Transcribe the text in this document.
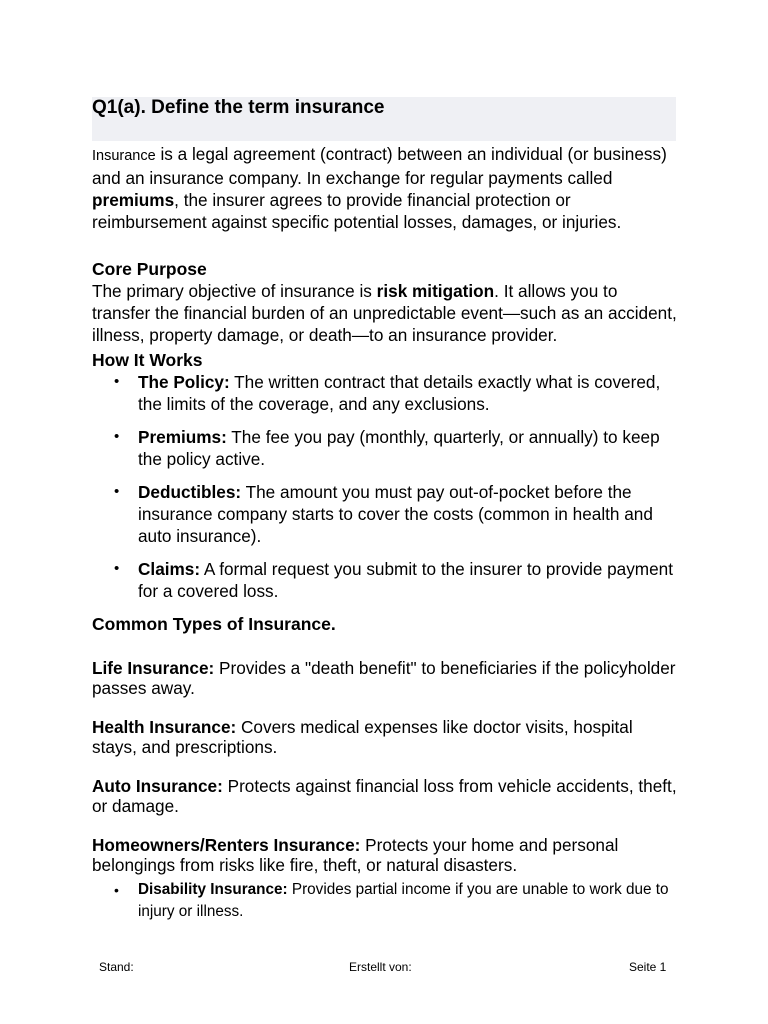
Q1(a). Define the term insurance

Insurance is a legal agreement (contract) between an individual (or business) and an insurance company. In exchange for regular payments called premiums, the insurer agrees to provide financial protection or reimbursement against specific potential losses, damages, or injuries.

Core Purpose

The primary objective of insurance is risk mitigation. It allows you to transfer the financial burden of an unpredictable event—such as an accident, illness, property damage, or death—to an insurance provider.

How It Works
• The Policy: The written contract that details exactly what is covered, the limits of the coverage, and any exclusions.
• Premiums: The fee you pay (monthly, quarterly, or annually) to keep the policy active.
• Deductibles: The amount you must pay out-of-pocket before the insurance company starts to cover the costs (common in health and auto insurance).
• Claims: A formal request you submit to the insurer to provide payment for a covered loss.
Common Types of Insurance.

Life Insurance: Provides a "death benefit" to beneficiaries if the policyholder passes away.

Health Insurance: Covers medical expenses like doctor visits, hospital stays, and prescriptions.

Auto Insurance: Protects against financial loss from vehicle accidents, theft, or damage.

Homeowners/Renters Insurance: Protects your home and personal belongings from risks like fire, theft, or natural disasters.

• Disability Insurance: Provides partial income if you are unable to work due to injury or illness.
Stand:	Erstellt von:	Seite 1
